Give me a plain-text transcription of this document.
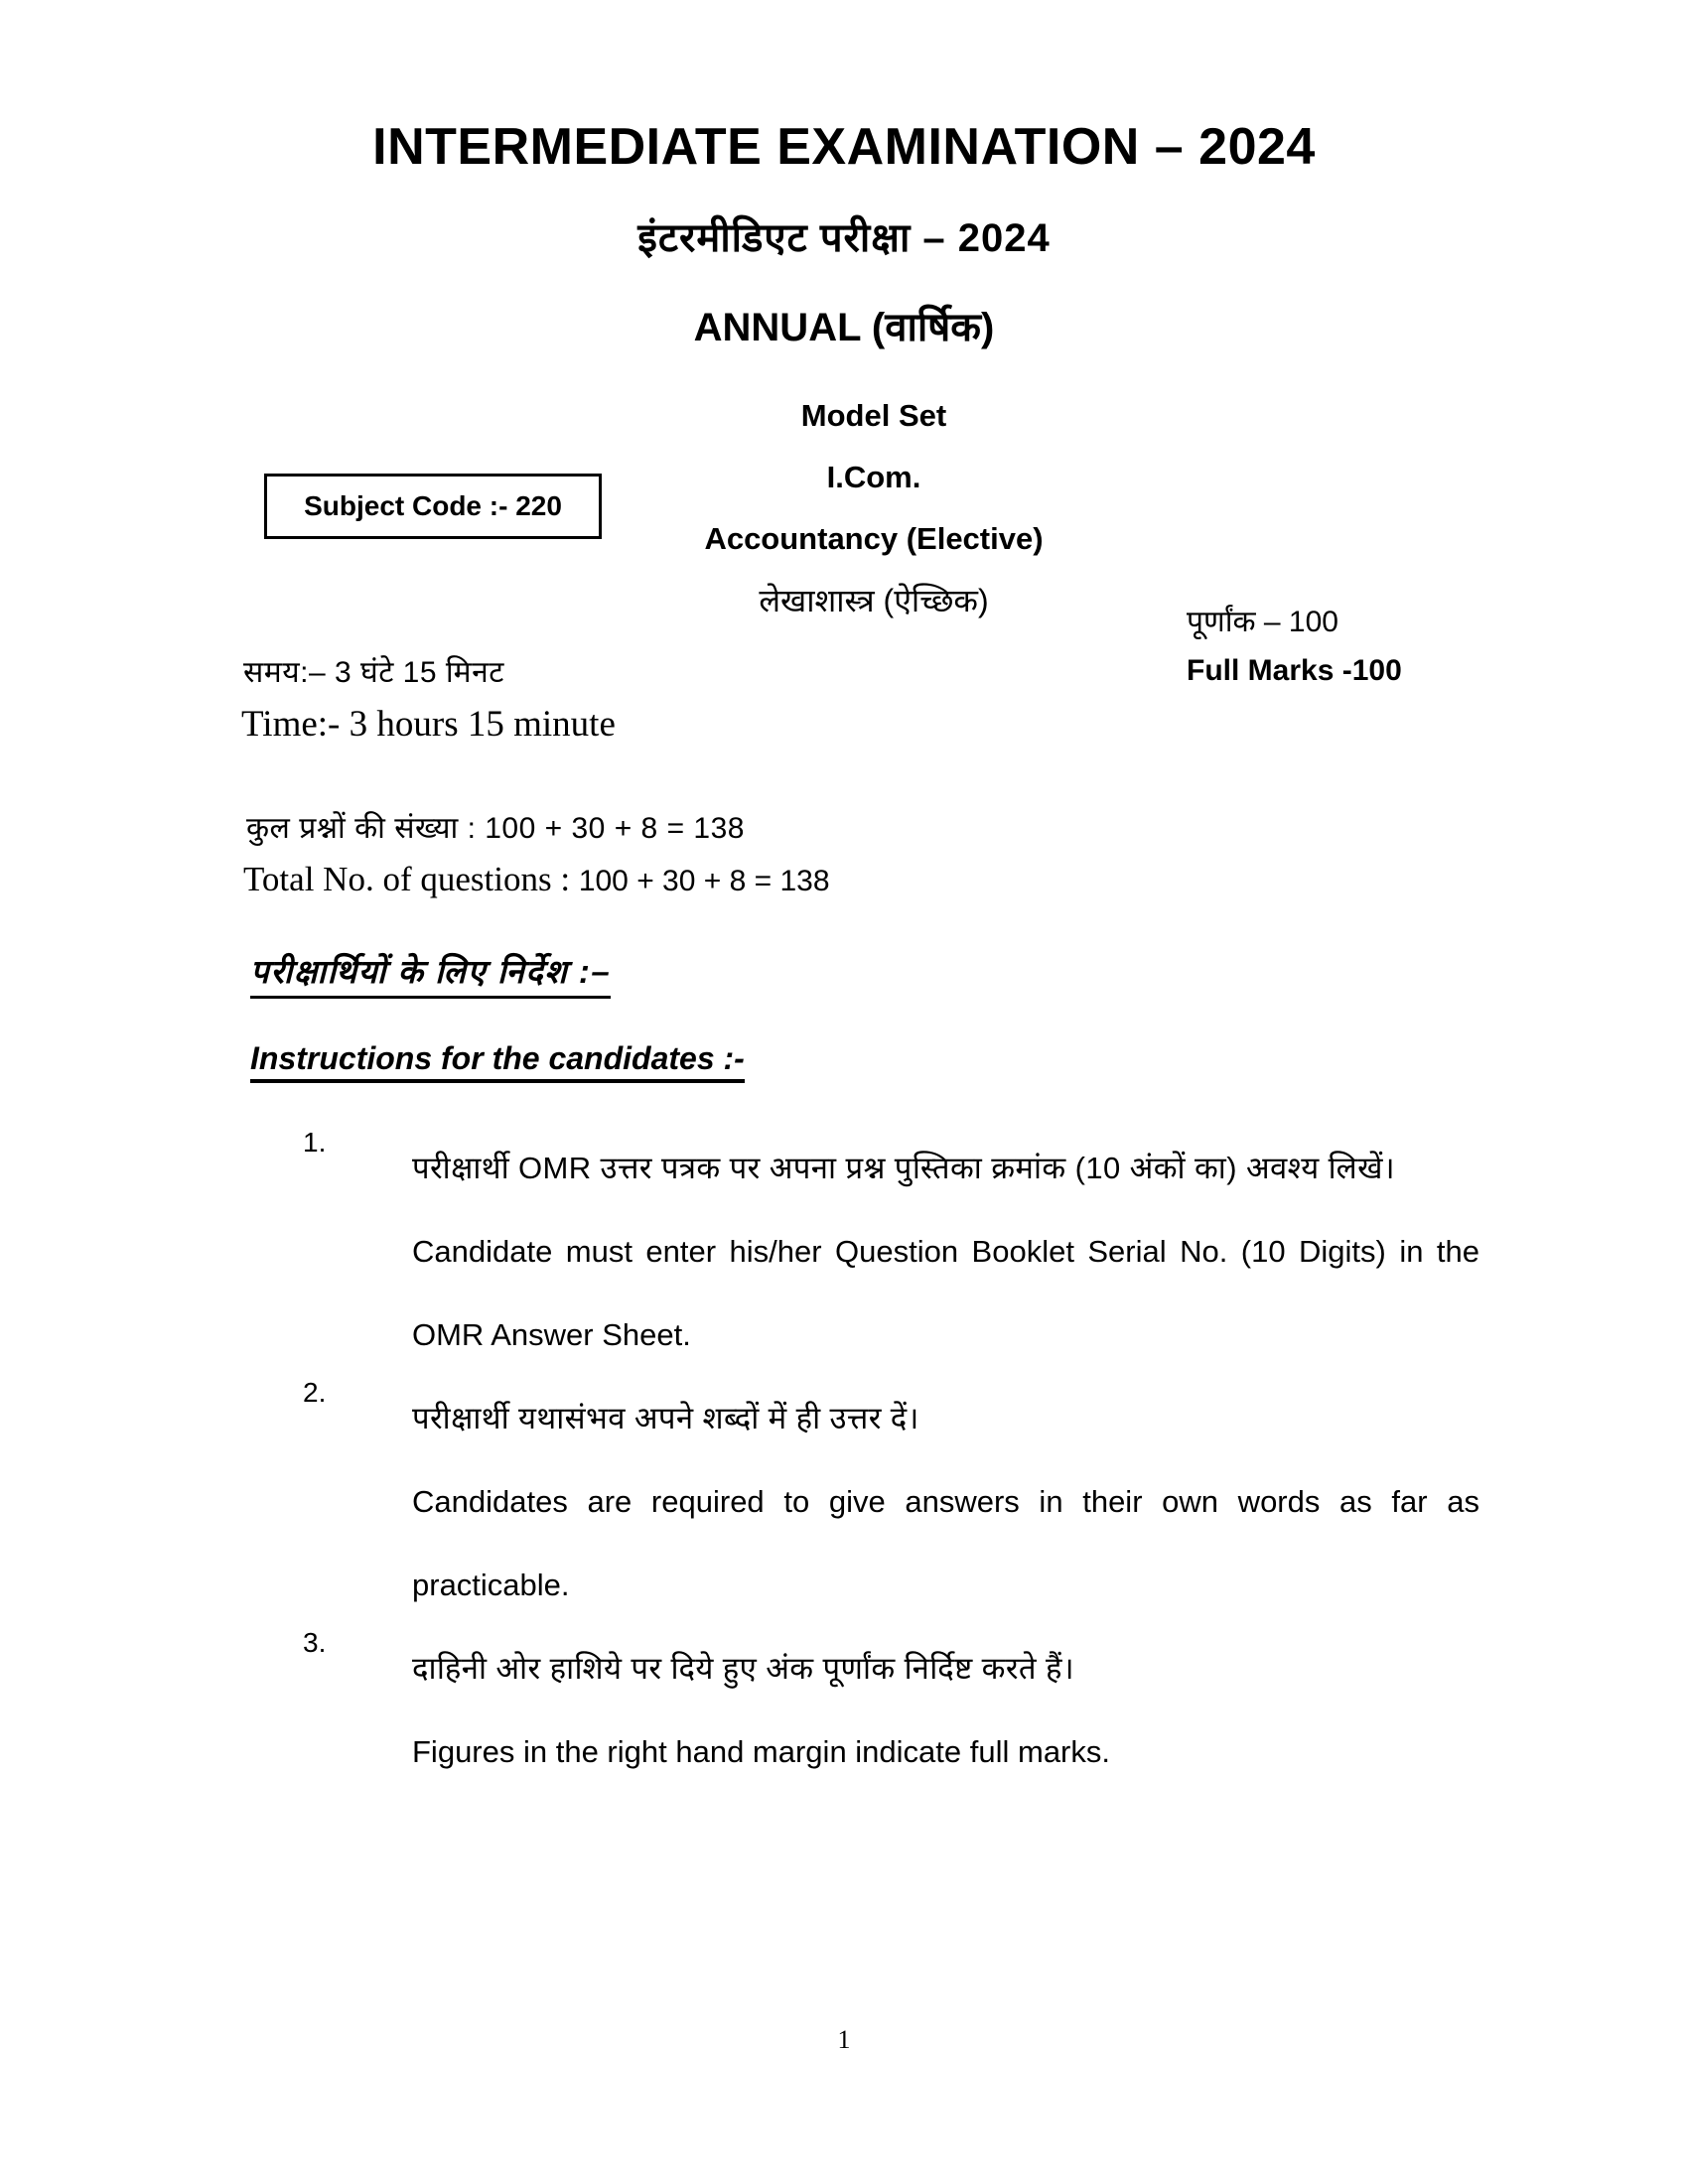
INTERMEDIATE EXAMINATION – 2024
इंटरमीडिएट परीक्षा – 2024
ANNUAL (वार्षिक)
Model Set
I.Com.
Accountancy (Elective)
लेखाशास्त्र (ऐच्छिक)
Subject Code :- 220
पूर्णांक – 100
Full Marks -100
समय:– 3 घंटे 15 मिनट
Time:- 3 hours 15 minute
कुल प्रश्नों की संख्या : 100 + 30 + 8 = 138
Total No. of questions : 100 + 30 + 8 = 138
परीक्षार्थियों के लिए निर्देश :–
Instructions for the candidates :-
1.
परीक्षार्थी OMR उत्तर पत्रक पर अपना प्रश्न पुस्तिका क्रमांक (10 अंकों का) अवश्य लिखें।
Candidate must enter his/her Question Booklet Serial No. (10 Digits) in the OMR Answer Sheet.
2.
परीक्षार्थी यथासंभव अपने शब्दों में ही उत्तर दें।
Candidates are required to give answers in their own words as far as practicable.
3.
दाहिनी ओर हाशिये पर दिये हुए अंक पूर्णांक निर्दिष्ट करते हैं।
Figures in the right hand margin indicate full marks.
1
